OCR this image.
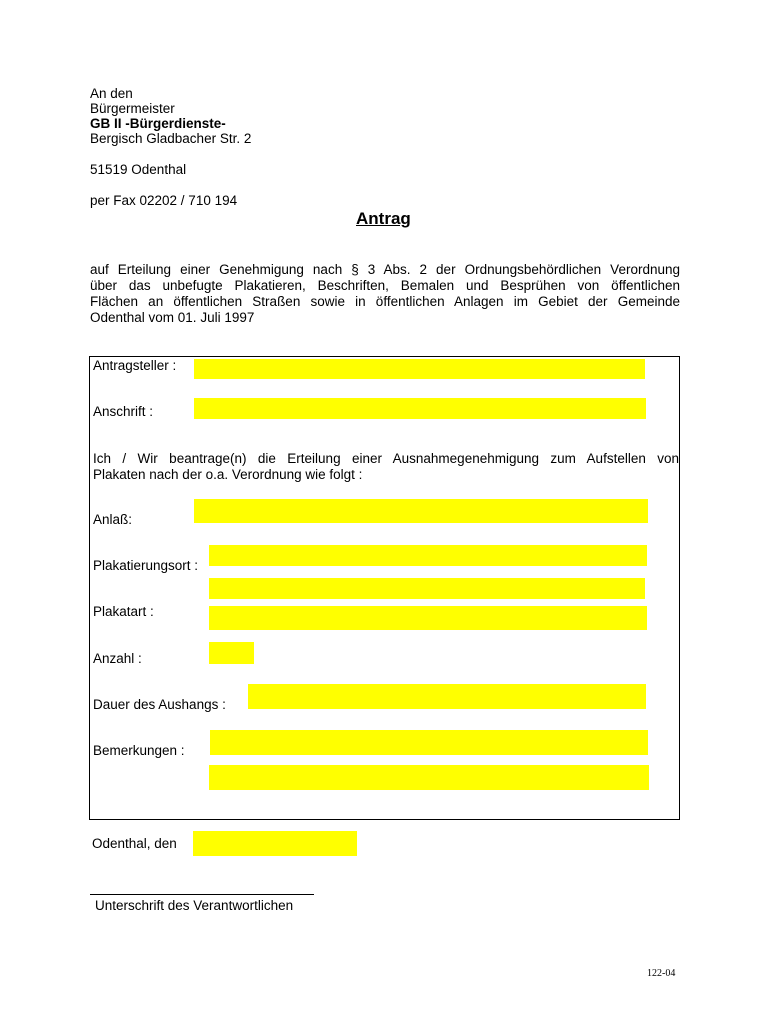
An den
Bürgermeister
GB II -Bürgerdienste-
Bergisch Gladbacher Str. 2
51519 Odenthal
per Fax 02202 / 710 194
Antrag
auf Erteilung einer Genehmigung nach § 3 Abs. 2 der Ordnungsbehördlichen Verordnung
über das unbefugte Plakatieren, Beschriften, Bemalen und Besprühen von öffentlichen
Flächen an öffentlichen Straßen sowie in öffentlichen Anlagen im Gebiet der Gemeinde
Odenthal vom 01. Juli 1997
Antragsteller :
Anschrift :
Ich / Wir beantrage(n) die Erteilung einer Ausnahmegenehmigung zum Aufstellen von
Plakaten nach der o.a. Verordnung wie folgt :
Anlaß:
Plakatierungsort :
Plakatart :
Anzahl :
Dauer des Aushangs :
Bemerkungen :
Odenthal, den
Unterschrift des Verantwortlichen
122-04
